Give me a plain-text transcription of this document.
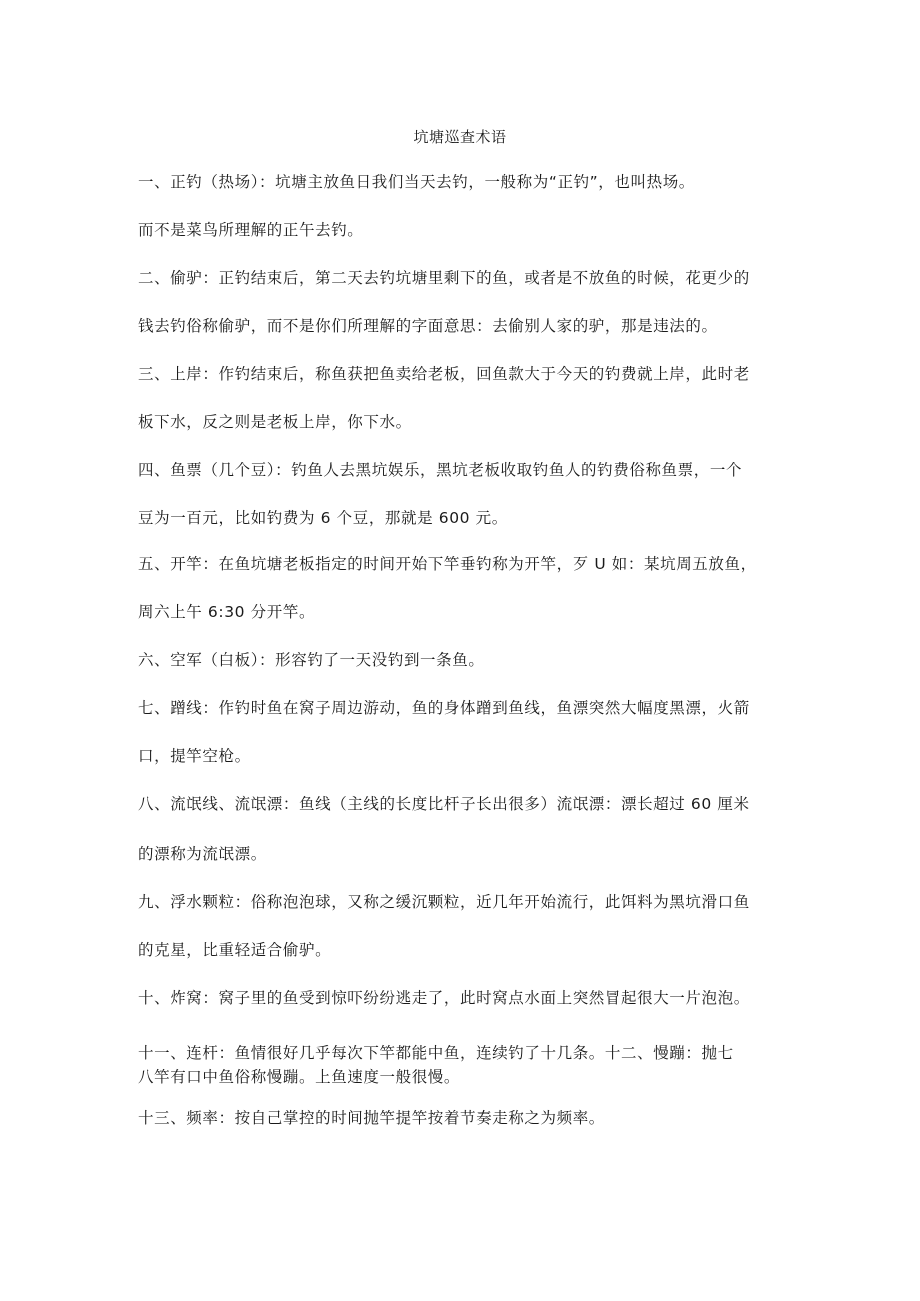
坑塘巡查术语
一、正钓（热场）：坑塘主放鱼日我们当天去钓，一般称为“正钓”，也叫热场。
而不是菜鸟所理解的正午去钓。
二、偷驴：正钓结束后，第二天去钓坑塘里剩下的鱼，或者是不放鱼的时候，花更少的
钱去钓俗称偷驴，而不是你们所理解的字面意思：去偷别人家的驴，那是违法的。
三、上岸：作钓结束后，称鱼获把鱼卖给老板，回鱼款大于今天的钓费就上岸，此时老
板下水，反之则是老板上岸，你下水。
四、鱼票（几个豆）：钓鱼人去黑坑娱乐，黑坑老板收取钓鱼人的钓费俗称鱼票，一个
豆为一百元，比如钓费为 6 个豆，那就是 600 元。
五、开竿：在鱼坑塘老板指定的时间开始下竿垂钓称为开竿，歹 U 如：某坑周五放鱼，
周六上午 6:30 分开竿。
六、空军（白板）：形容钓了一天没钓到一条鱼。
七、蹭线：作钓时鱼在窝子周边游动，鱼的身体蹭到鱼线，鱼漂突然大幅度黑漂，火箭
口，提竿空枪。
八、流氓线、流氓漂：鱼线（主线的长度比杆子长出很多）流氓漂：漂长超过 60 厘米
的漂称为流氓漂。
九、浮水颗粒：俗称泡泡球，又称之缓沉颗粒，近几年开始流行，此饵料为黑坑滑口鱼
的克星，比重轻适合偷驴。
十、炸窝：窝子里的鱼受到惊吓纷纷逃走了，此时窝点水面上突然冒起很大一片泡泡。
十一、连杆：鱼情很好几乎每次下竿都能中鱼，连续钓了十几条。十二、慢蹦：抛七
八竿有口中鱼俗称慢蹦。上鱼速度一般很慢。
十三、频率：按自己掌控的时间抛竿提竿按着节奏走称之为频率。
